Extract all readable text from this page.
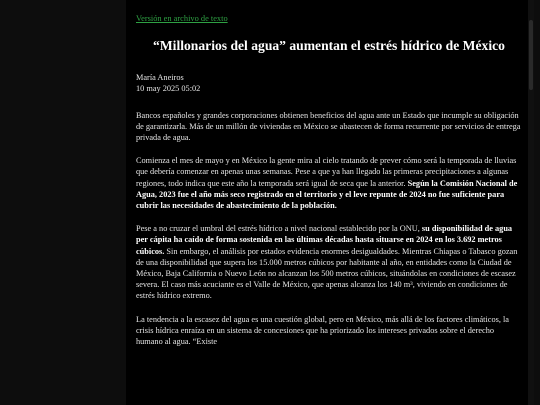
Versión en archivo de texto
“Millonarios del agua” aumentan el estrés hídrico de México
María Aneiros
10 may 2025 05:02

Bancos españoles y grandes corporaciones obtienen beneficios del agua ante un Estado que incumple su obligación de garantizarla. Más de un millón de viviendas en México se abastecen de forma recurrente por servicios de entrega privada de agua.

Comienza el mes de mayo y en México la gente mira al cielo tratando de prever cómo será la temporada de lluvias que debería comenzar en apenas unas semanas. Pese a que ya han llegado las primeras precipitaciones a algunas regiones, todo indica que este año la temporada será igual de seca que la anterior. Según la Comisión Nacional de Agua, 2023 fue el año más seco registrado en el territorio y el leve repunte de 2024 no fue suficiente para cubrir las necesidades de abastecimiento de la población.

Pese a no cruzar el umbral del estrés hídrico a nivel nacional establecido por la ONU, su disponibilidad de agua per cápita ha caído de forma sostenida en las últimas décadas hasta situarse en 2024 en los 3.692 metros cúbicos. Sin embargo, el análisis por estados evidencia enormes desigualdades. Mientras Chiapas o Tabasco gozan de una disponibilidad que supera los 15.000 metros cúbicos por habitante al año, en entidades como la Ciudad de México, Baja California o Nuevo León no alcanzan los 500 metros cúbicos, situándolas en condiciones de escasez severa. El caso más acuciante es el Valle de México, que apenas alcanza los 140 m³, viviendo en condiciones de estrés hídrico extremo.

La tendencia a la escasez del agua es una cuestión global, pero en México, más allá de los factores climáticos, la crisis hídrica enraíza en un sistema de concesiones que ha priorizado los intereses privados sobre el derecho humano al agua. “Existe
